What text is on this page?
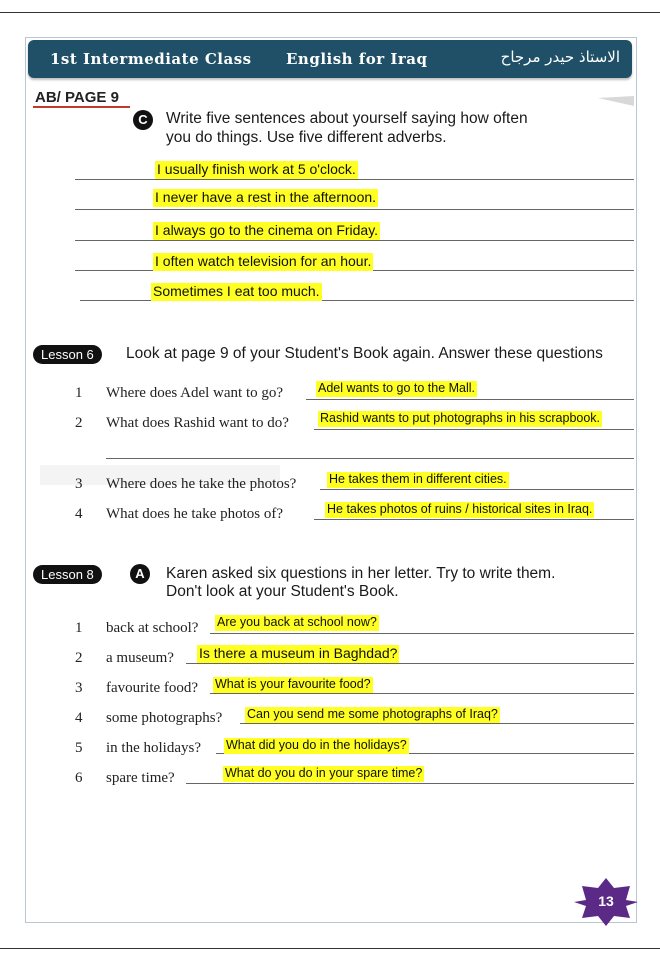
1st Intermediate Class English for Iraq	الاستاذ حيدر مرجاح
AB/ PAGE 9
C	Write five sentences about yourself saying how often
you do things. Use five different adverbs.
I usually finish work at 5 o'clock.
I never have a rest in the afternoon.
I always go to the cinema on Friday.
I often watch television for an hour.
Sometimes I eat too much.
Lesson 6	Look at page 9 of your Student's Book again. Answer these questions
1 Where does Adel want to go?	Adel wants to go to the Mall.
2 What does Rashid want to do? Rashid wants to put photographs in his scrapbook.
3 Where does he take the photos?	He takes them in different cities.
4 What does he take photos of?	He takes photos of ruins / historical sites in Iraq.
Lesson 8	A	Karen asked six questions in her letter. Try to write them.
Don't look at your Student's Book.
1 back at school? Are you back at school now?
2 a museum? Is there a museum in Baghdad?
3 favourite food? What is your favourite food?
4 some photographs? Can you send me some photographs of Iraq?
5 in the holidays? What did you do in the holidays?
6 spare time?	What do you do in your spare time?
13
